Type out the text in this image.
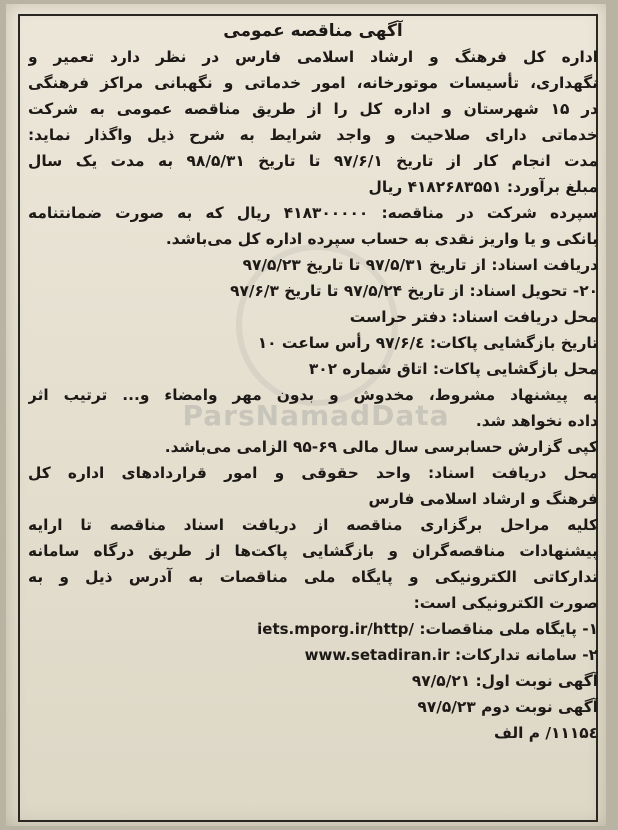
ParsNamadData
آگهی مناقصه عمومی
اداره کل فرهنگ و ارشاد اسلامی فارس در نظر دارد تعمیر و
نگهداری، تأسیسات موتورخانه، امور خدماتی و نگهبانی مراکز فرهنگی
در ۱۵ شهرستان و اداره کل را از طریق مناقصه عمومی به شرکت
خدماتی دارای صلاحیت و واجد شرایط به شرح ذیل واگذار نماید:
مدت انجام کار از تاریخ ۹۷/۶/۱ تا تاریخ ۹۸/۵/۳۱ به مدت یک سال
مبلغ برآورد: ۴۱۸۲۶۸۳۵۵۱ ریال
سپرده شرکت در مناقصه: ۴۱۸۳۰۰۰۰۰ ریال که به صورت ضمانتنامه
بانکی و یا واریز نقدی به حساب سپرده اداره کل می‌باشد.
دریافت اسناد: از تاریخ ۹۷/۵/۳۱ تا تاریخ ۹۷/۵/۲۳
۲۰- تحویل اسناد: از تاریخ ۹۷/۵/۲۴ تا تاریخ ۹۷/۶/۳
محل دریافت اسناد: دفتر حراست
تاریخ بازگشایی پاکات: ۹۷/۶/٤ رأس ساعت ۱۰
محل بازگشایی پاکات: اتاق شماره ۳۰۲
به پیشنهاد مشروط، مخدوش و بدون مهر وامضاء و... ترتیب اثر
داده نخواهد شد.
کپی گزارش حسابرسی سال مالی ۶۹-۹۵ الزامی می‌باشد.
محل دریافت اسناد: واحد حقوقی و امور قراردادهای اداره کل
فرهنگ و ارشاد اسلامی فارس
کلیه مراحل برگزاری مناقصه از دریافت اسناد مناقصه تا ارایه
پیشنهادات مناقصه‌گران و بازگشایی پاکت‌ها از طریق درگاه سامانه
تدارکاتی الکترونیکی و پایگاه ملی مناقصات به آدرس ذیل و به
صورت الکترونیکی است:
۱- پایگاه ملی مناقصات: iets.mporg.ir/http/
۲- سامانه تدارکات: www.setadiran.ir
آگهی نوبت اول: ۹۷/۵/۲۱
آگهی نوبت دوم ۹۷/۵/۲۳
۱۱۱۵٤/ م الف
